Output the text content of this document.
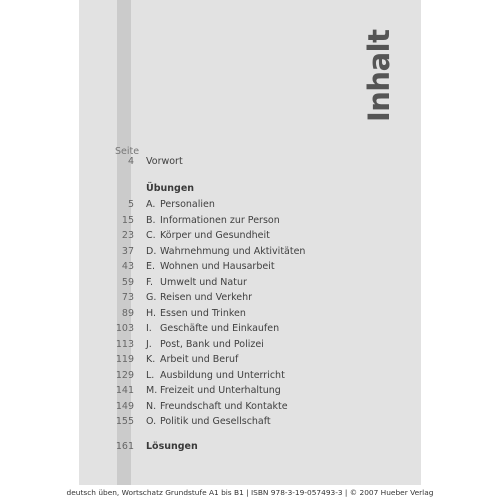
Inhalt
Seite
4 Vorwort
Übungen
5 A. Personalien
15 B. Informationen zur Person
23 C. Körper und Gesundheit
37 D. Wahrnehmung und Aktivitäten
43 E. Wohnen und Hausarbeit
59 F. Umwelt und Natur
73 G. Reisen und Verkehr
89 H. Essen und Trinken
103 I. Geschäfte und Einkaufen
113 J. Post, Bank und Polizei
119 K. Arbeit und Beruf
129 L. Ausbildung und Unterricht
141 M. Freizeit und Unterhaltung
149 N. Freundschaft und Kontakte
155 O. Politik und Gesellschaft
161 Lösungen
deutsch üben, Wortschatz Grundstufe A1 bis B1 | ISBN 978-3-19-057493-3 | © 2007 Hueber Verlag
